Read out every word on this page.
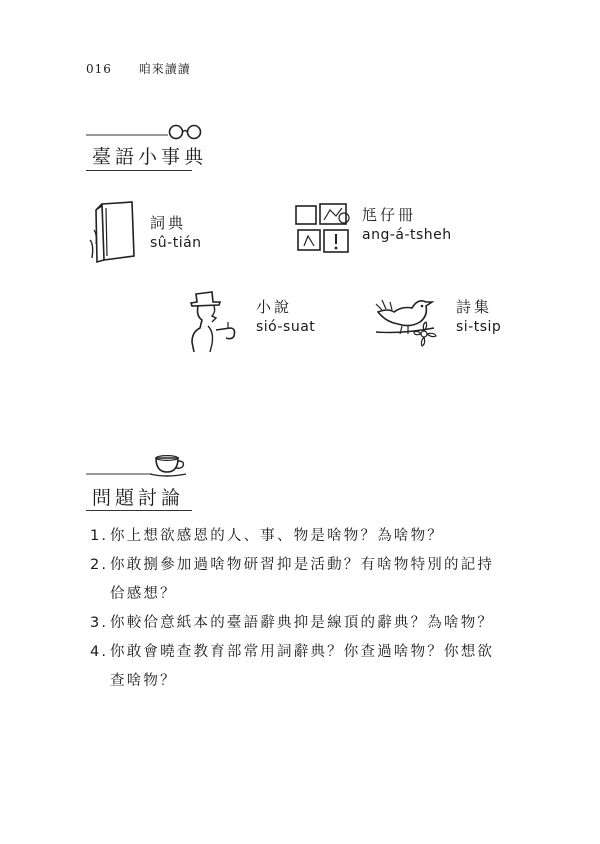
016 咱來讀讀
臺語小事典
詞典
sû-tián
尪仔冊
ang-á-tsheh
小說
sió-suat
詩集
si-tsip
問題討論
1. 你上想欲感恩的人、事、物是啥物？為啥物？
2. 你敢捌參加過啥物研習抑是活動？有啥物特別的記持佮感想？
3. 你較佮意紙本的臺語辭典抑是線頂的辭典？為啥物？
4. 你敢會曉查教育部常用詞辭典？你查過啥物？你想欲查啥物？
